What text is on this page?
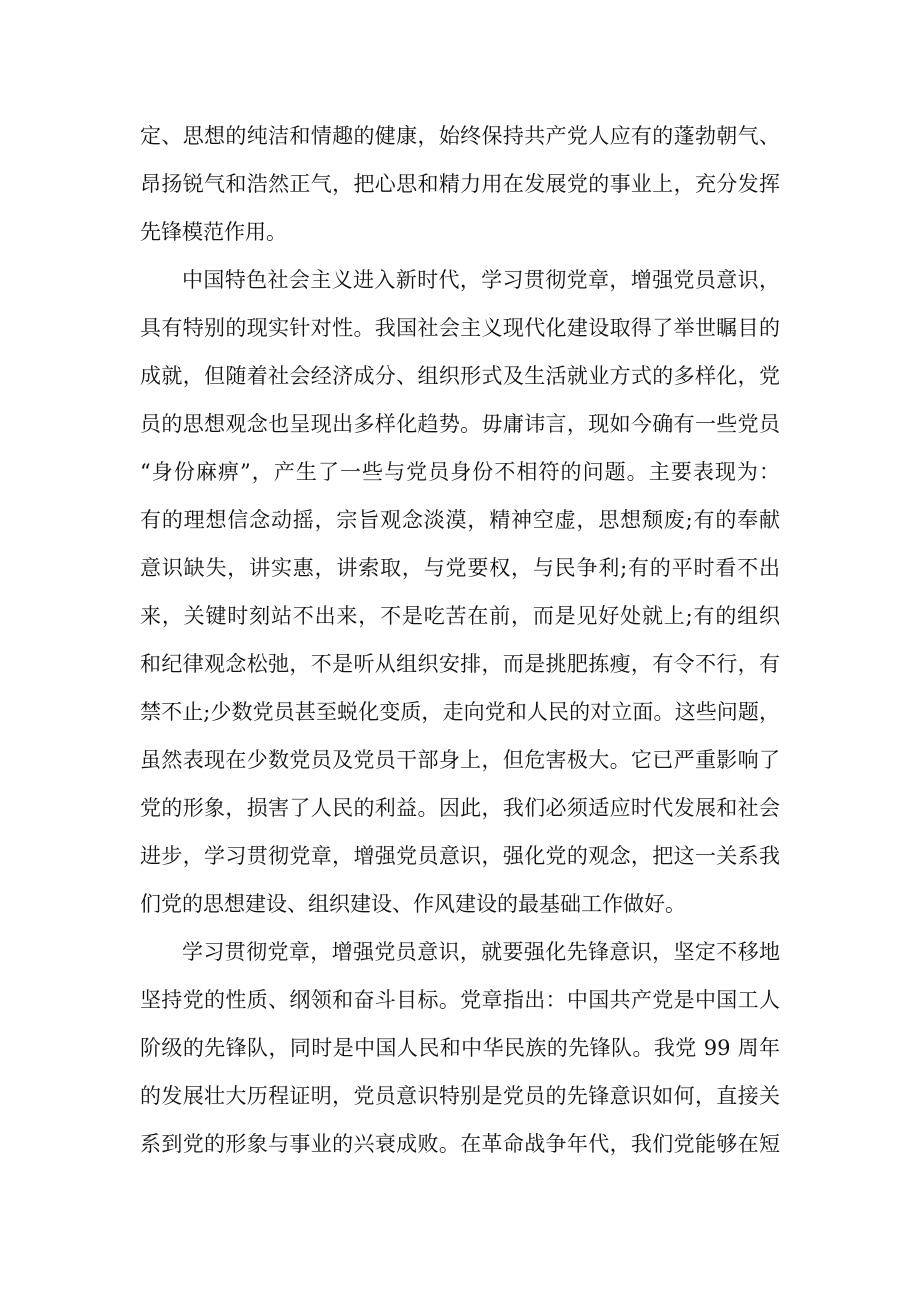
定、思想的纯洁和情趣的健康，始终保持共产党人应有的蓬勃朝气、
昂扬锐气和浩然正气，把心思和精力用在发展党的事业上，充分发挥
先锋模范作用。
中国特色社会主义进入新时代，学习贯彻党章，增强党员意识，
具有特别的现实针对性。我国社会主义现代化建设取得了举世瞩目的
成就，但随着社会经济成分、组织形式及生活就业方式的多样化，党
员的思想观念也呈现出多样化趋势。毋庸讳言，现如今确有一些党员
“身份麻痹”，产生了一些与党员身份不相符的问题。主要表现为：
有的理想信念动摇，宗旨观念淡漠，精神空虚，思想颓废;有的奉献
意识缺失，讲实惠，讲索取，与党要权，与民争利;有的平时看不出
来，关键时刻站不出来，不是吃苦在前，而是见好处就上;有的组织
和纪律观念松弛，不是听从组织安排，而是挑肥拣瘦，有令不行，有
禁不止;少数党员甚至蜕化变质，走向党和人民的对立面。这些问题，
虽然表现在少数党员及党员干部身上，但危害极大。它已严重影响了
党的形象，损害了人民的利益。因此，我们必须适应时代发展和社会
进步，学习贯彻党章，增强党员意识，强化党的观念，把这一关系我
们党的思想建设、组织建设、作风建设的最基础工作做好。
学习贯彻党章，增强党员意识，就要强化先锋意识，坚定不移地
坚持党的性质、纲领和奋斗目标。党章指出：中国共产党是中国工人
阶级的先锋队，同时是中国人民和中华民族的先锋队。我党 99 周年
的发展壮大历程证明，党员意识特别是党员的先锋意识如何，直接关
系到党的形象与事业的兴衰成败。在革命战争年代，我们党能够在短
